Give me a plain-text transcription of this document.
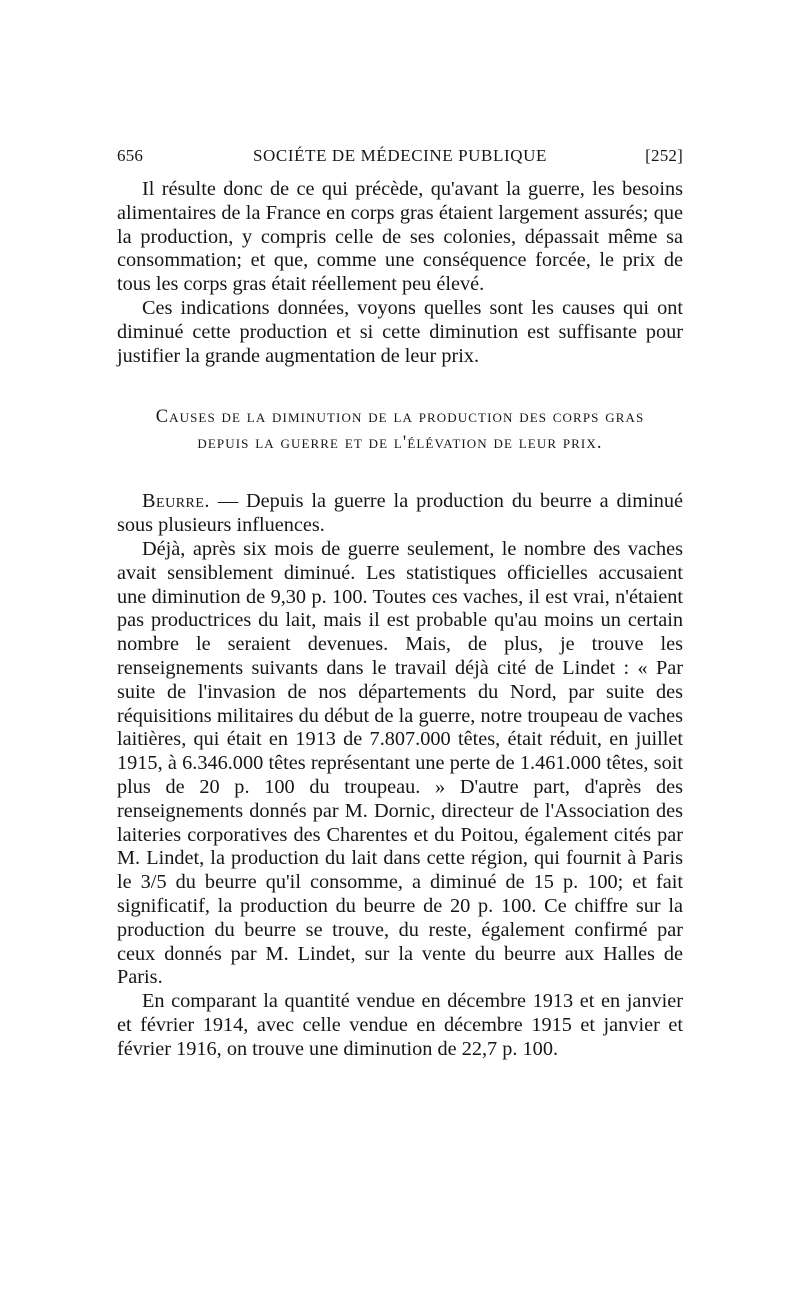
656	SOCIÉTE DE MÉDECINE PUBLIQUE	[252]

Il résulte donc de ce qui précède, qu'avant la guerre, les besoins alimentaires de la France en corps gras étaient largement assurés; que la production, y compris celle de ses colonies, dépassait même sa consommation; et que, comme une conséquence forcée, le prix de tous les corps gras était réellement peu élevé.

Ces indications données, voyons quelles sont les causes qui ont diminué cette production et si cette diminution est suffisante pour justifier la grande augmentation de leur prix.

Causes de la diminution de la production des corps gras
depuis la guerre et de l'élévation de leur prix.

Beurre. — Depuis la guerre la production du beurre a diminué sous plusieurs influences.

Déjà, après six mois de guerre seulement, le nombre des vaches avait sensiblement diminué. Les statistiques officielles accusaient une diminution de 9,30 p. 100. Toutes ces vaches, il est vrai, n'étaient pas productrices du lait, mais il est probable qu'au moins un certain nombre le seraient devenues. Mais, de plus, je trouve les renseignements suivants dans le travail déjà cité de Lindet : « Par suite de l'invasion de nos départements du Nord, par suite des réquisitions militaires du début de la guerre, notre troupeau de vaches laitières, qui était en 1913 de 7.807.000 têtes, était réduit, en juillet 1915, à 6.346.000 têtes représentant une perte de 1.461.000 têtes, soit plus de 20 p. 100 du troupeau. » D'autre part, d'après des renseignements donnés par M. Dornic, directeur de l'Association des laiteries corporatives des Charentes et du Poitou, également cités par M. Lindet, la production du lait dans cette région, qui fournit à Paris le 3/5 du beurre qu'il consomme, a diminué de 15 p. 100; et fait significatif, la production du beurre de 20 p. 100. Ce chiffre sur la production du beurre se trouve, du reste, également confirmé par ceux donnés par M. Lindet, sur la vente du beurre aux Halles de Paris.

En comparant la quantité vendue en décembre 1913 et en janvier et février 1914, avec celle vendue en décembre 1915 et janvier et février 1916, on trouve une diminution de 22,7 p. 100.
